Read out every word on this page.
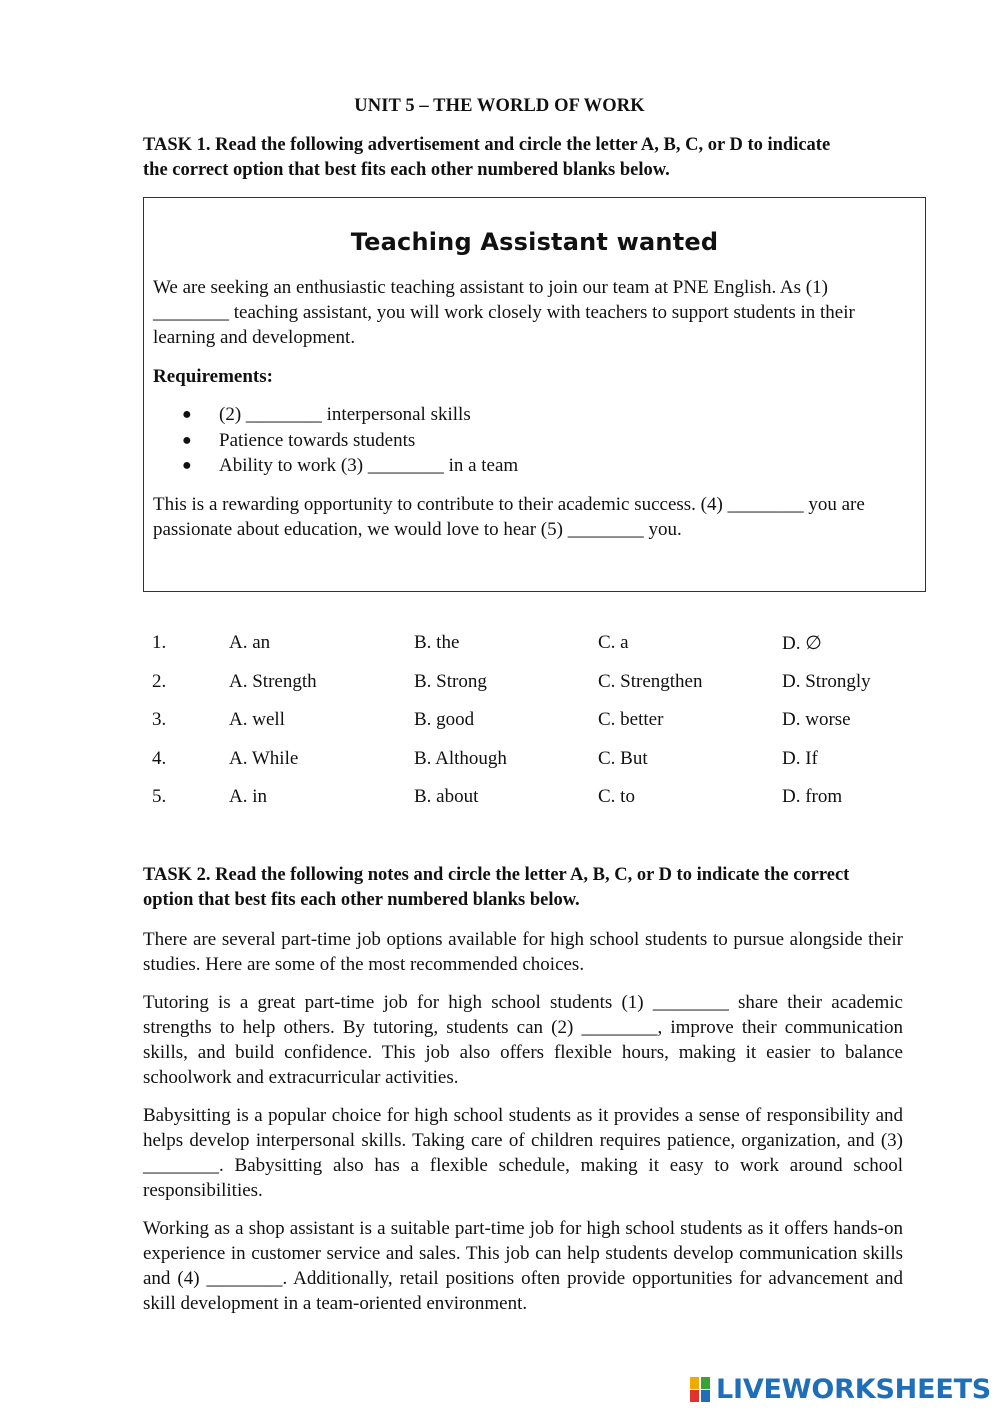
UNIT 5 – THE WORLD OF WORK
TASK 1. Read the following advertisement and circle the letter A, B, C, or D to indicate
the correct option that best fits each other numbered blanks below.
Teaching Assistant wanted
We are seeking an enthusiastic teaching assistant to join our team at PNE English. As (1)
________ teaching assistant, you will work closely with teachers to support students in their
learning and development.
Requirements:
● (2) ________ interpersonal skills
● Patience towards students
● Ability to work (3) ________ in a team
This is a rewarding opportunity to contribute to their academic success. (4) ________ you are
passionate about education, we would love to hear (5) ________ you.
1.	A. an	B. the	C. a	D. ∅
2.	A. Strength	B. Strong	C. Strengthen	D. Strongly
3.	A. well	B. good	C. better	D. worse
4.	A. While	B. Although	C. But	D. If
5.	A. in	B. about	C. to	D. from
TASK 2. Read the following notes and circle the letter A, B, C, or D to indicate the correct
option that best fits each other numbered blanks below.
There are several part-time job options available for high school students to pursue alongside their studies. Here are some of the most recommended choices.
Tutoring is a great part-time job for high school students (1) ________ share their academic strengths to help others. By tutoring, students can (2) ________, improve their communication skills, and build confidence. This job also offers flexible hours, making it easier to balance schoolwork and extracurricular activities.
Babysitting is a popular choice for high school students as it provides a sense of responsibility and helps develop interpersonal skills. Taking care of children requires patience, organization, and (3) ________. Babysitting also has a flexible schedule, making it easy to work around school responsibilities.
Working as a shop assistant is a suitable part-time job for high school students as it offers hands-on experience in customer service and sales. This job can help students develop communication skills and (4) ________. Additionally, retail positions often provide opportunities for advancement and skill development in a team-oriented environment.
LIVEWORKSHEETS
